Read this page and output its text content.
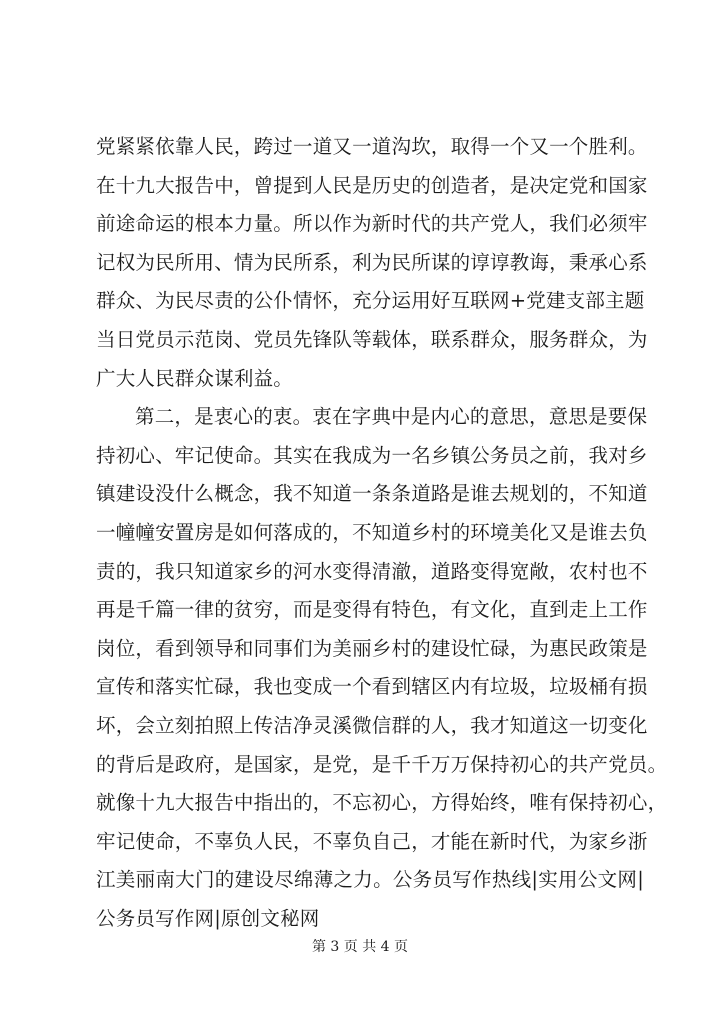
党紧紧依靠人民，跨过一道又一道沟坎，取得一个又一个胜利。
在十九大报告中，曾提到人民是历史的创造者，是决定党和国家
前途命运的根本力量。所以作为新时代的共产党人，我们必须牢
记权为民所用、情为民所系，利为民所谋的谆谆教诲，秉承心系
群众、为民尽责的公仆情怀，充分运用好互联网+党建支部主题
当日党员示范岗、党员先锋队等载体，联系群众，服务群众，为
广大人民群众谋利益。
第二，是衷心的衷。衷在字典中是内心的意思，意思是要保
持初心、牢记使命。其实在我成为一名乡镇公务员之前，我对乡
镇建设没什么概念，我不知道一条条道路是谁去规划的，不知道
一幢幢安置房是如何落成的，不知道乡村的环境美化又是谁去负
责的，我只知道家乡的河水变得清澈，道路变得宽敞，农村也不
再是千篇一律的贫穷，而是变得有特色，有文化，直到走上工作
岗位，看到领导和同事们为美丽乡村的建设忙碌，为惠民政策是
宣传和落实忙碌，我也变成一个看到辖区内有垃圾，垃圾桶有损
坏，会立刻拍照上传洁净灵溪微信群的人，我才知道这一切变化
的背后是政府，是国家，是党，是千千万万保持初心的共产党员。
就像十九大报告中指出的，不忘初心，方得始终，唯有保持初心，
牢记使命，不辜负人民，不辜负自己，才能在新时代，为家乡浙
江美丽南大门的建设尽绵薄之力。公务员写作热线|实用公文网|
公务员写作网|原创文秘网
第 3 页 共 4 页
